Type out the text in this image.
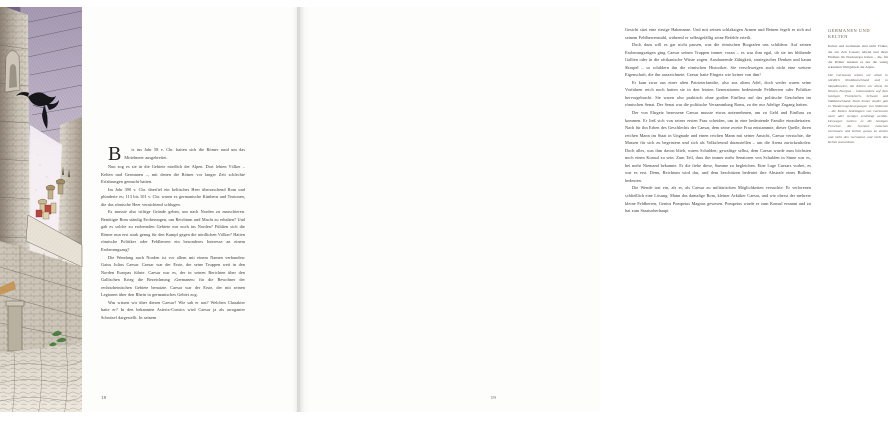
B	is ins Jahr 58 v. Chr. hatten sich die Römer rund um das Mittelmeer ausgebreitet.

Nun zog es sie in die Gebiete nördlich der Alpen. Dort lebten Völker – Kelten und Germanen –, mit denen die Römer vor langer Zeit schlechte Erfahrungen gemacht hatten.

Im Jahr 390 v. Chr. überfiel ein keltisches Heer überraschend Rom und plünderte es; 113 bis 101 v. Chr. waren es germanische Kimbern und Teutonen, die das römische Heer vernichtend schlugen.

Es musste also triftige Gründe geben, um nach Norden zu marschieren. Benötigte Rom ständig Eroberungen, um Reichtum und Macht zu erhalten? Und gab es solche zu erobernden Gebiete nur noch im Norden? Fühlten sich die Römer nun erst stark genug für den Kampf gegen die nördlichen Völker? Hatten römische Politiker oder Feldherren ein besonderes Interesse an einem Eroberungszug?

Die Wendung nach Norden ist vor allem mit einem Namen verbunden: Gaius Julius Caesar. Caesar war der Erste, der seine Truppen weit in den Norden Europas führte. Caesar war es, der in seinen Berichten über den Gallischen Krieg die Bezeichnung ›Germanen‹ für die Bewohner der rechtsrheinischen Gebiete benutzte. Caesar war der Erste, der mit seinen Legionen über den Rhein in germanisches Gebiet zog.

Was wissen wir über diesen Caesar? Wie sah er aus? Welchen Charakter hatte er? In den bekannten Asterix-Comics wird Caesar ja als arroganter Schnösel dargestellt. In seinem

18

Gesicht sitzt eine riesige Hakennase. Und mit seinen schlaksigen Armen und Beinen fegelt er sich auf seinem Feldherrenstuhl, während er selbstgefällig seine Befehle erteilt.

Doch dazu will es gar nicht passen, was die römischen Biografen uns schildern. Auf seinen Eroberungszügen ging Caesar seinen Truppen immer voran – es war ihm egal, ob sie ins blühende Gallien oder in die afrikanische Wüste zogen. Ausdauernde Zähigkeit, strategisches Denken und kaum Skrupel – so schildern ihn die römischen Historiker. Sie verschweigen auch nicht eine weitere Eigenschaft, die ihn auszeichnete: Caesar hatte Ehrgeiz wie keiner von ihm!

Er kam zwar aus einer alten Patrizierfamilie, also aus altem Adel, doch weder waren seine Vorfahren reich noch hatten sie in den letzten Generationen bedeutende Feldherren oder Politiker hervorgebracht. Sie waren also praktisch ohne großen Einfluss auf das politische Geschehen im römischen Senat. Der Senat war die politische Versammlung Roms, zu der nur Adelige Zugang hatten.

Der von Ehrgeiz besessene Caesar musste etwas unternehmen, um zu Geld und Einfluss zu kommen. Er ließ sich von seiner ersten Frau scheiden, um in eine bedeutende Familie einzuheiraten. Nach für ihn Erben des Geschlechts der Caesar, dem seine zweite Frau entstammte, dieser Quelle, ihren reichen Mann im Staat in Ungnade und einen reichen Mann mit seiner Ansicht, Caesar versuchte, die Massen für sich zu begeistern und sich als Volksfreund darzustellen – um die Arena zurückzuholen. Doch alles, was ihm davon blieb, waren Schulden; gewaltige selbst, dem Caesar wurde zum höchsten noch einen Konsul zu sein. Zum Teil, dass ihn immer mehr Senatoren von Schulden in Sinne war es, bei mehr Niemand bekannte. Er die fiebe diese, Summe zu begleichen. Eine Lage Caesars vorbei, es war es erst. Denn, Reichtum wird das, und dem beschützen bedeutet ihre Abstrafe eines Bullens bedeuten.

Die Wende trat ein, als er, als Caesar zu militärischen Möglichkeiten versuchte. Er verlorenen schließlich eine Lösung: Mann das damalige Rom, kleiner Arktiker Caesar, und wie oberst der mehrere kleine Feldherren, Genius Pompeius Magnus gewesen. Pompeius wurde er zum Konsul ernannt und zu hat zum Staatsoberhaupt

GERMANEN UND KELTEN

Kelten und Germanen sind nicht Völker, die zur Zeit Caesars lebend und ihren Einfluss im Nordeuropa haben – die, für die Römer nannten es nur die wenig erkannten Weltgebiete der Alpen.

Die Germanen lebten vor allem in nördlich Norddeutschland und in Skandinavien, die Kelten vor allem im Westen Europas – insbesondere auf dem heutigen Frankreich, Schweiz und Süddeutschland. Doch immer wieder gab es Wanderungsbewegungen von Stämmen – die Kelten bedrängten von Germanen mehr oder weniger verdrängt werden. Deswegen meinen es die heutigen Forscher, die Grenzen zwischen Germanen und Kelten genau zu ziehen und nicht den Germanen und nicht den Kelten zuzuordnen.

19
